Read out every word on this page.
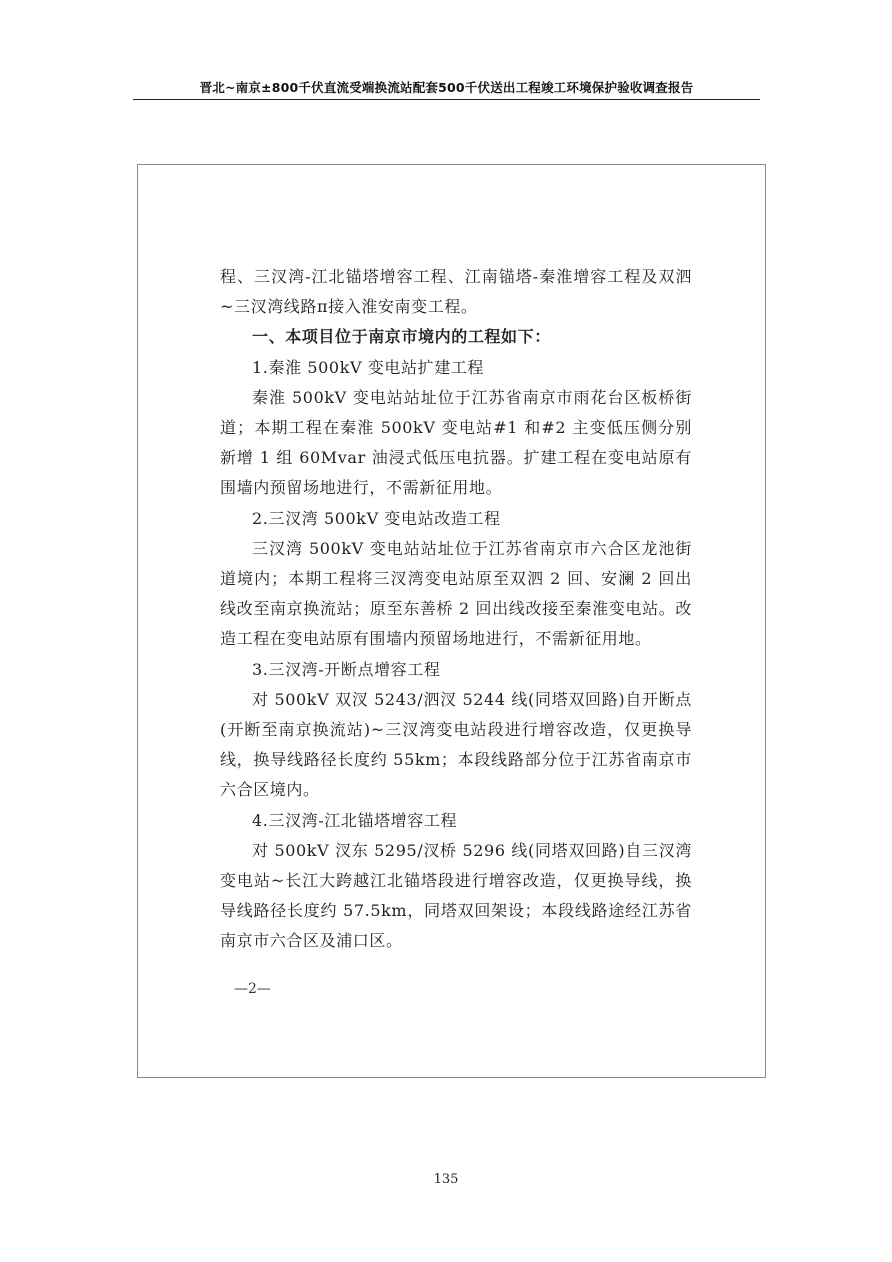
晋北~南京±800千伏直流受端换流站配套500千伏送出工程竣工环境保护验收调查报告

程、三汊湾-江北锚塔增容工程、江南锚塔-秦淮增容工程及双泗~三汊湾线路π接入淮安南变工程。

一、本项目位于南京市境内的工程如下：

1.秦淮 500kV 变电站扩建工程

秦淮 500kV 变电站站址位于江苏省南京市雨花台区板桥街道；本期工程在秦淮 500kV 变电站#1 和#2 主变低压侧分别新增 1 组 60Mvar 油浸式低压电抗器。扩建工程在变电站原有围墙内预留场地进行，不需新征用地。

2.三汊湾 500kV 变电站改造工程

三汊湾 500kV 变电站站址位于江苏省南京市六合区龙池街道境内；本期工程将三汊湾变电站原至双泗 2 回、安澜 2 回出线改至南京换流站；原至东善桥 2 回出线改接至秦淮变电站。改造工程在变电站原有围墙内预留场地进行，不需新征用地。

3.三汊湾-开断点增容工程

对 500kV 双汊 5243/泗汊 5244 线(同塔双回路)自开断点(开断至南京换流站)~三汊湾变电站段进行增容改造，仅更换导线，换导线路径长度约 55km；本段线路部分位于江苏省南京市六合区境内。

4.三汊湾-江北锚塔增容工程

对 500kV 汊东 5295/汊桥 5296 线(同塔双回路)自三汊湾变电站~长江大跨越江北锚塔段进行增容改造，仅更换导线，换导线路径长度约 57.5km，同塔双回架设；本段线路途经江苏省南京市六合区及浦口区。

—2—
135
